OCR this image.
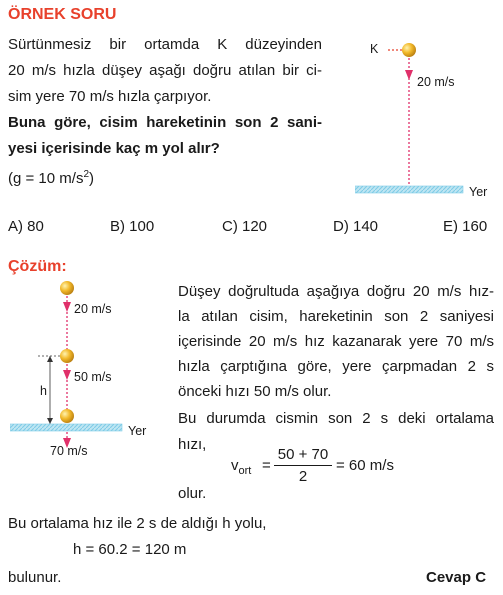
ÖRNEK SORU
Sürtünmesiz bir ortamda K düzeyinden
20 m/s hızla düşey aşağı doğru atılan bir ci-
sim yere 70 m/s hızla çarpıyor.
Buna göre, cisim hareketinin son 2 sani-
yesi içerisinde kaç m yol alır?
(g = 10 $m/s^2$)
K
20 m/s
Yer
A) 80	B) 100	C) 120	D) 140	E) 160
Çözüm:
20 m/s
50 m/s
70 m/s
h
Yer
Düşey doğrultuda aşağıya doğru 20 m/s hız-
la atılan cisim, hareketinin son 2 saniyesi
içerisinde 20 m/s hız kazanarak yere 70 m/s
hızla çarptığına göre, yere çarpmadan 2 s
önceki hızı 50 m/s olur.
Bu durumda cismin son 2 s deki ortalama
hızı,
$v_{ort}$ =
50 + 70
2
= 60 m/s
olur.
Bu ortalama hız ile 2 s de aldığı h yolu,
h = 60.2 = 120 m
bulunur.	Cevap C
